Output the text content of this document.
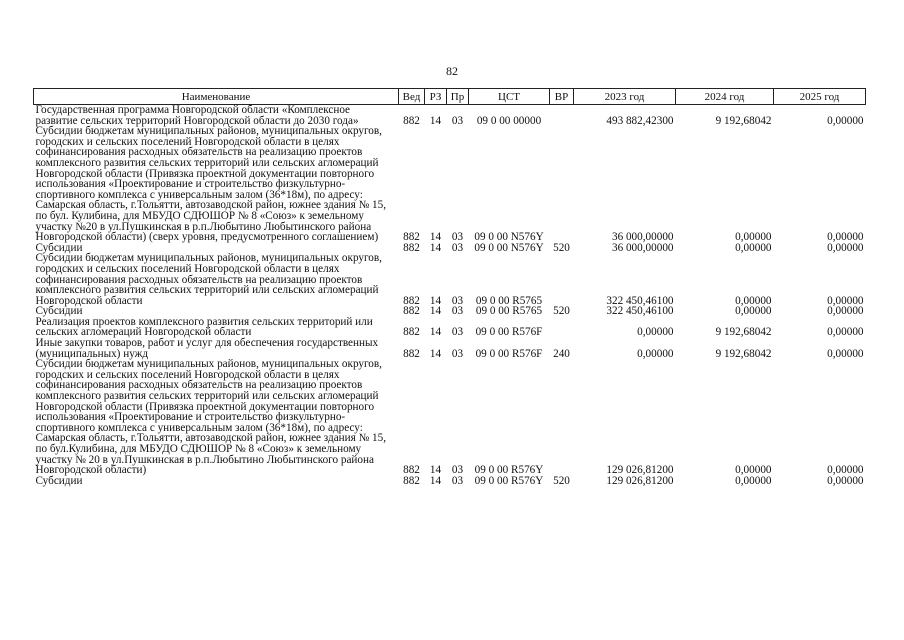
82
Наименование	Вед	РЗ	Пр	ЦСТ	ВР	2023 год	2024 год	2025 год
Государственная программа Новгородской области «Комплексное развитие сельских территорий Новгородской области до 2030 года»	882	14	03	09 0 00 00000		493 882,42300	9 192,68042	0,00000
Субсидии бюджетам муниципальных районов, муниципальных округов, городских и сельских поселений Новгородской области в целях софинансирования расходных обязательств на реализацию проектов комплексного развития сельских территорий или сельских агломераций Новгородской области (Привязка проектной документации повторного использования «Проектирование и строительство физкультурно- спортивного комплекса с универсальным залом (36*18м), по адресу: Самарская область, г.Тольятти, автозаводской район, южнее здания № 15, по бул. Кулибина, для МБУДО СДЮШОР № 8 «Союз» к земельному участку №20 в ул.Пушкинская в р.п.Любытино Любытинского района Новгородской области) (сверх уровня, предусмотренного соглашением)	882	14	03	09 0 00 N576Y		36 000,00000	0,00000	0,00000
Субсидии	882	14	03	09 0 00 N576Y	520	36 000,00000	0,00000	0,00000
Субсидии бюджетам муниципальных районов, муниципальных округов, городских и сельских поселений Новгородской области в целях софинансирования расходных обязательств на реализацию проектов комплексного развития сельских территорий или сельских агломераций Новгородской области	882	14	03	09 0 00 R5765		322 450,46100	0,00000	0,00000
Субсидии	882	14	03	09 0 00 R5765	520	322 450,46100	0,00000	0,00000
Реализация проектов комплексного развития сельских территорий или сельских агломераций Новгородской области	882	14	03	09 0 00 R576F		0,00000	9 192,68042	0,00000
Иные закупки товаров, работ и услуг для обеспечения государственных (муниципальных) нужд	882	14	03	09 0 00 R576F	240	0,00000	9 192,68042	0,00000
Субсидии бюджетам муниципальных районов, муниципальных округов, городских и сельских поселений Новгородской области в целях софинансирования расходных обязательств на реализацию проектов комплексного развития сельских территорий или сельских агломераций Новгородской области (Привязка проектной документации повторного использования «Проектирование и строительство физкультурно-спортивного комплекса с универсальным залом (36*18м), по адресу: Самарская область, г.Тольятти, автозаводской район, южнее здания № 15, по бул.Кулибина, для МБУДО СДЮШОР № 8 «Союз» к земельному участку № 20 в ул.Пушкинская в р.п.Любытино Любытинского района Новгородской области)	882	14	03	09 0 00 R576Y		129 026,81200	0,00000	0,00000
Субсидии	882	14	03	09 0 00 R576Y	520	129 026,81200	0,00000	0,00000
